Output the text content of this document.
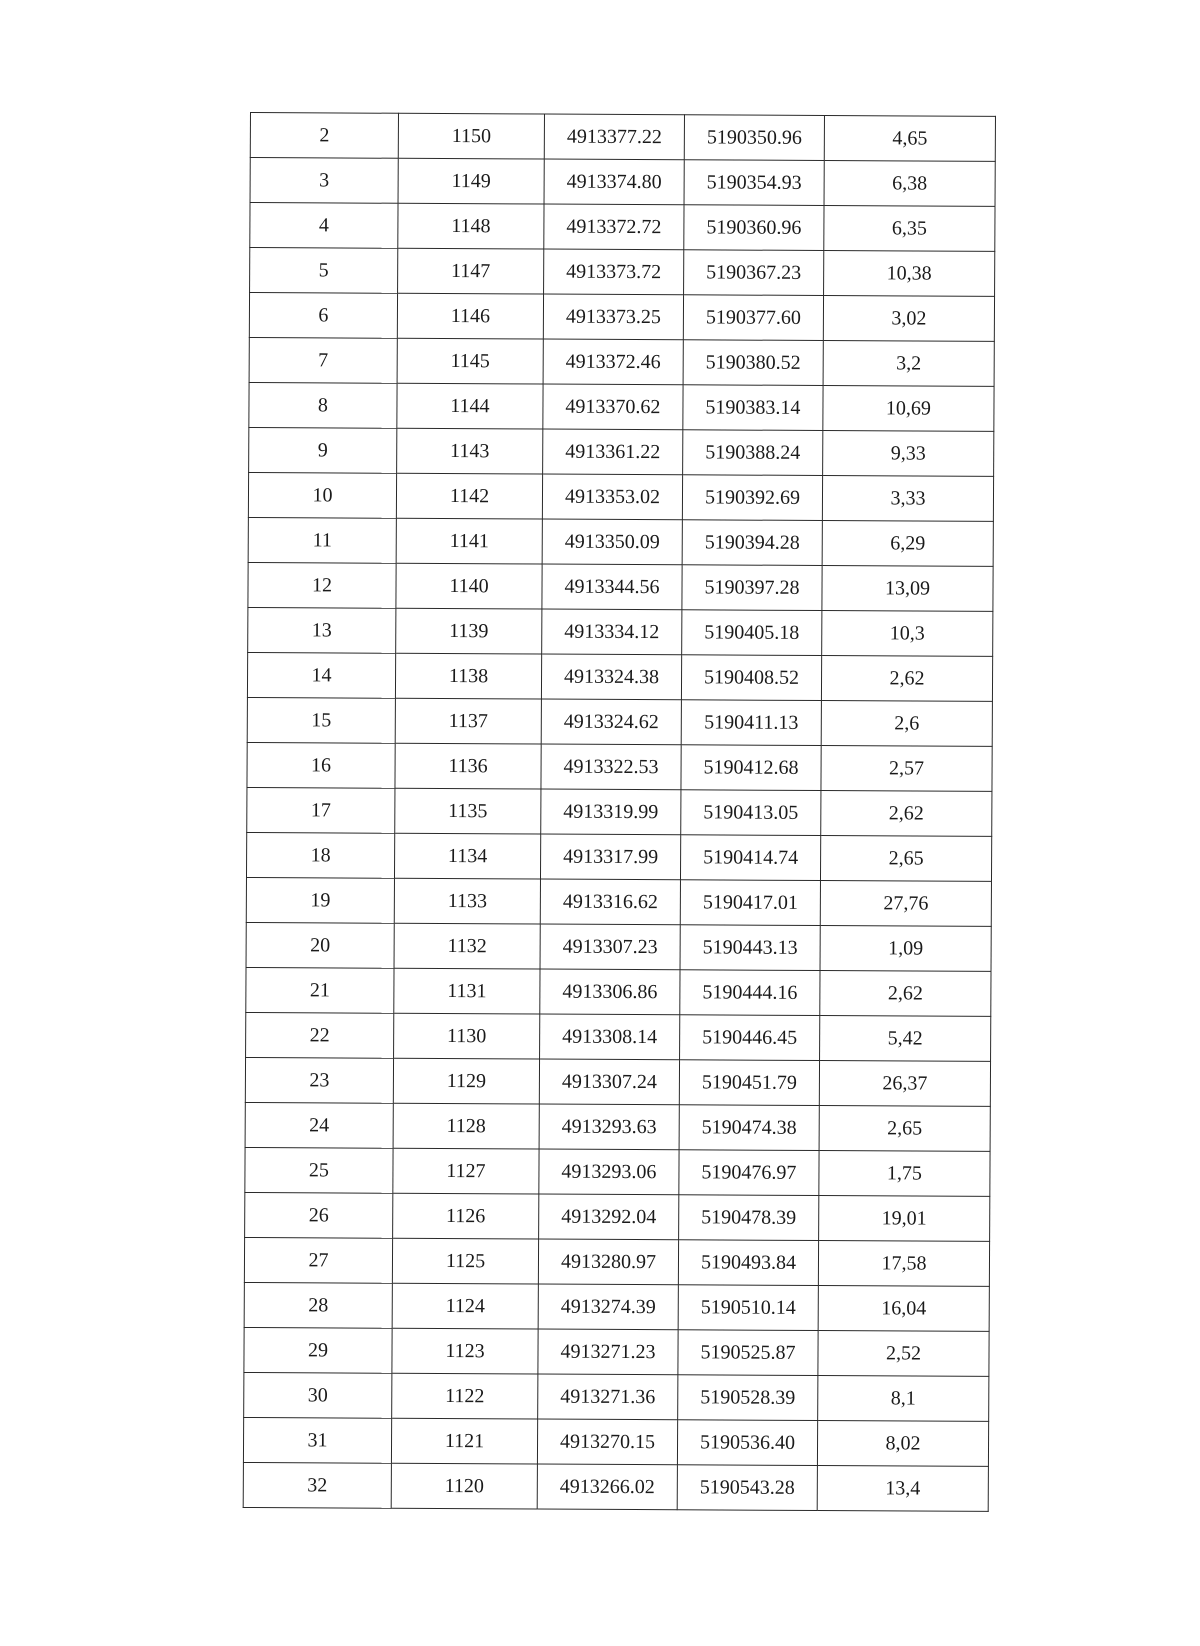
2	1150	4913377.22	5190350.96	4,65
3	1149	4913374.80	5190354.93	6,38
4	1148	4913372.72	5190360.96	6,35
5	1147	4913373.72	5190367.23	10,38
6	1146	4913373.25	5190377.60	3,02
7	1145	4913372.46	5190380.52	3,2
8	1144	4913370.62	5190383.14	10,69
9	1143	4913361.22	5190388.24	9,33
10	1142	4913353.02	5190392.69	3,33
11	1141	4913350.09	5190394.28	6,29
12	1140	4913344.56	5190397.28	13,09
13	1139	4913334.12	5190405.18	10,3
14	1138	4913324.38	5190408.52	2,62
15	1137	4913324.62	5190411.13	2,6
16	1136	4913322.53	5190412.68	2,57
17	1135	4913319.99	5190413.05	2,62
18	1134	4913317.99	5190414.74	2,65
19	1133	4913316.62	5190417.01	27,76
20	1132	4913307.23	5190443.13	1,09
21	1131	4913306.86	5190444.16	2,62
22	1130	4913308.14	5190446.45	5,42
23	1129	4913307.24	5190451.79	26,37
24	1128	4913293.63	5190474.38	2,65
25	1127	4913293.06	5190476.97	1,75
26	1126	4913292.04	5190478.39	19,01
27	1125	4913280.97	5190493.84	17,58
28	1124	4913274.39	5190510.14	16,04
29	1123	4913271.23	5190525.87	2,52
30	1122	4913271.36	5190528.39	8,1
31	1121	4913270.15	5190536.40	8,02
32	1120	4913266.02	5190543.28	13,4
